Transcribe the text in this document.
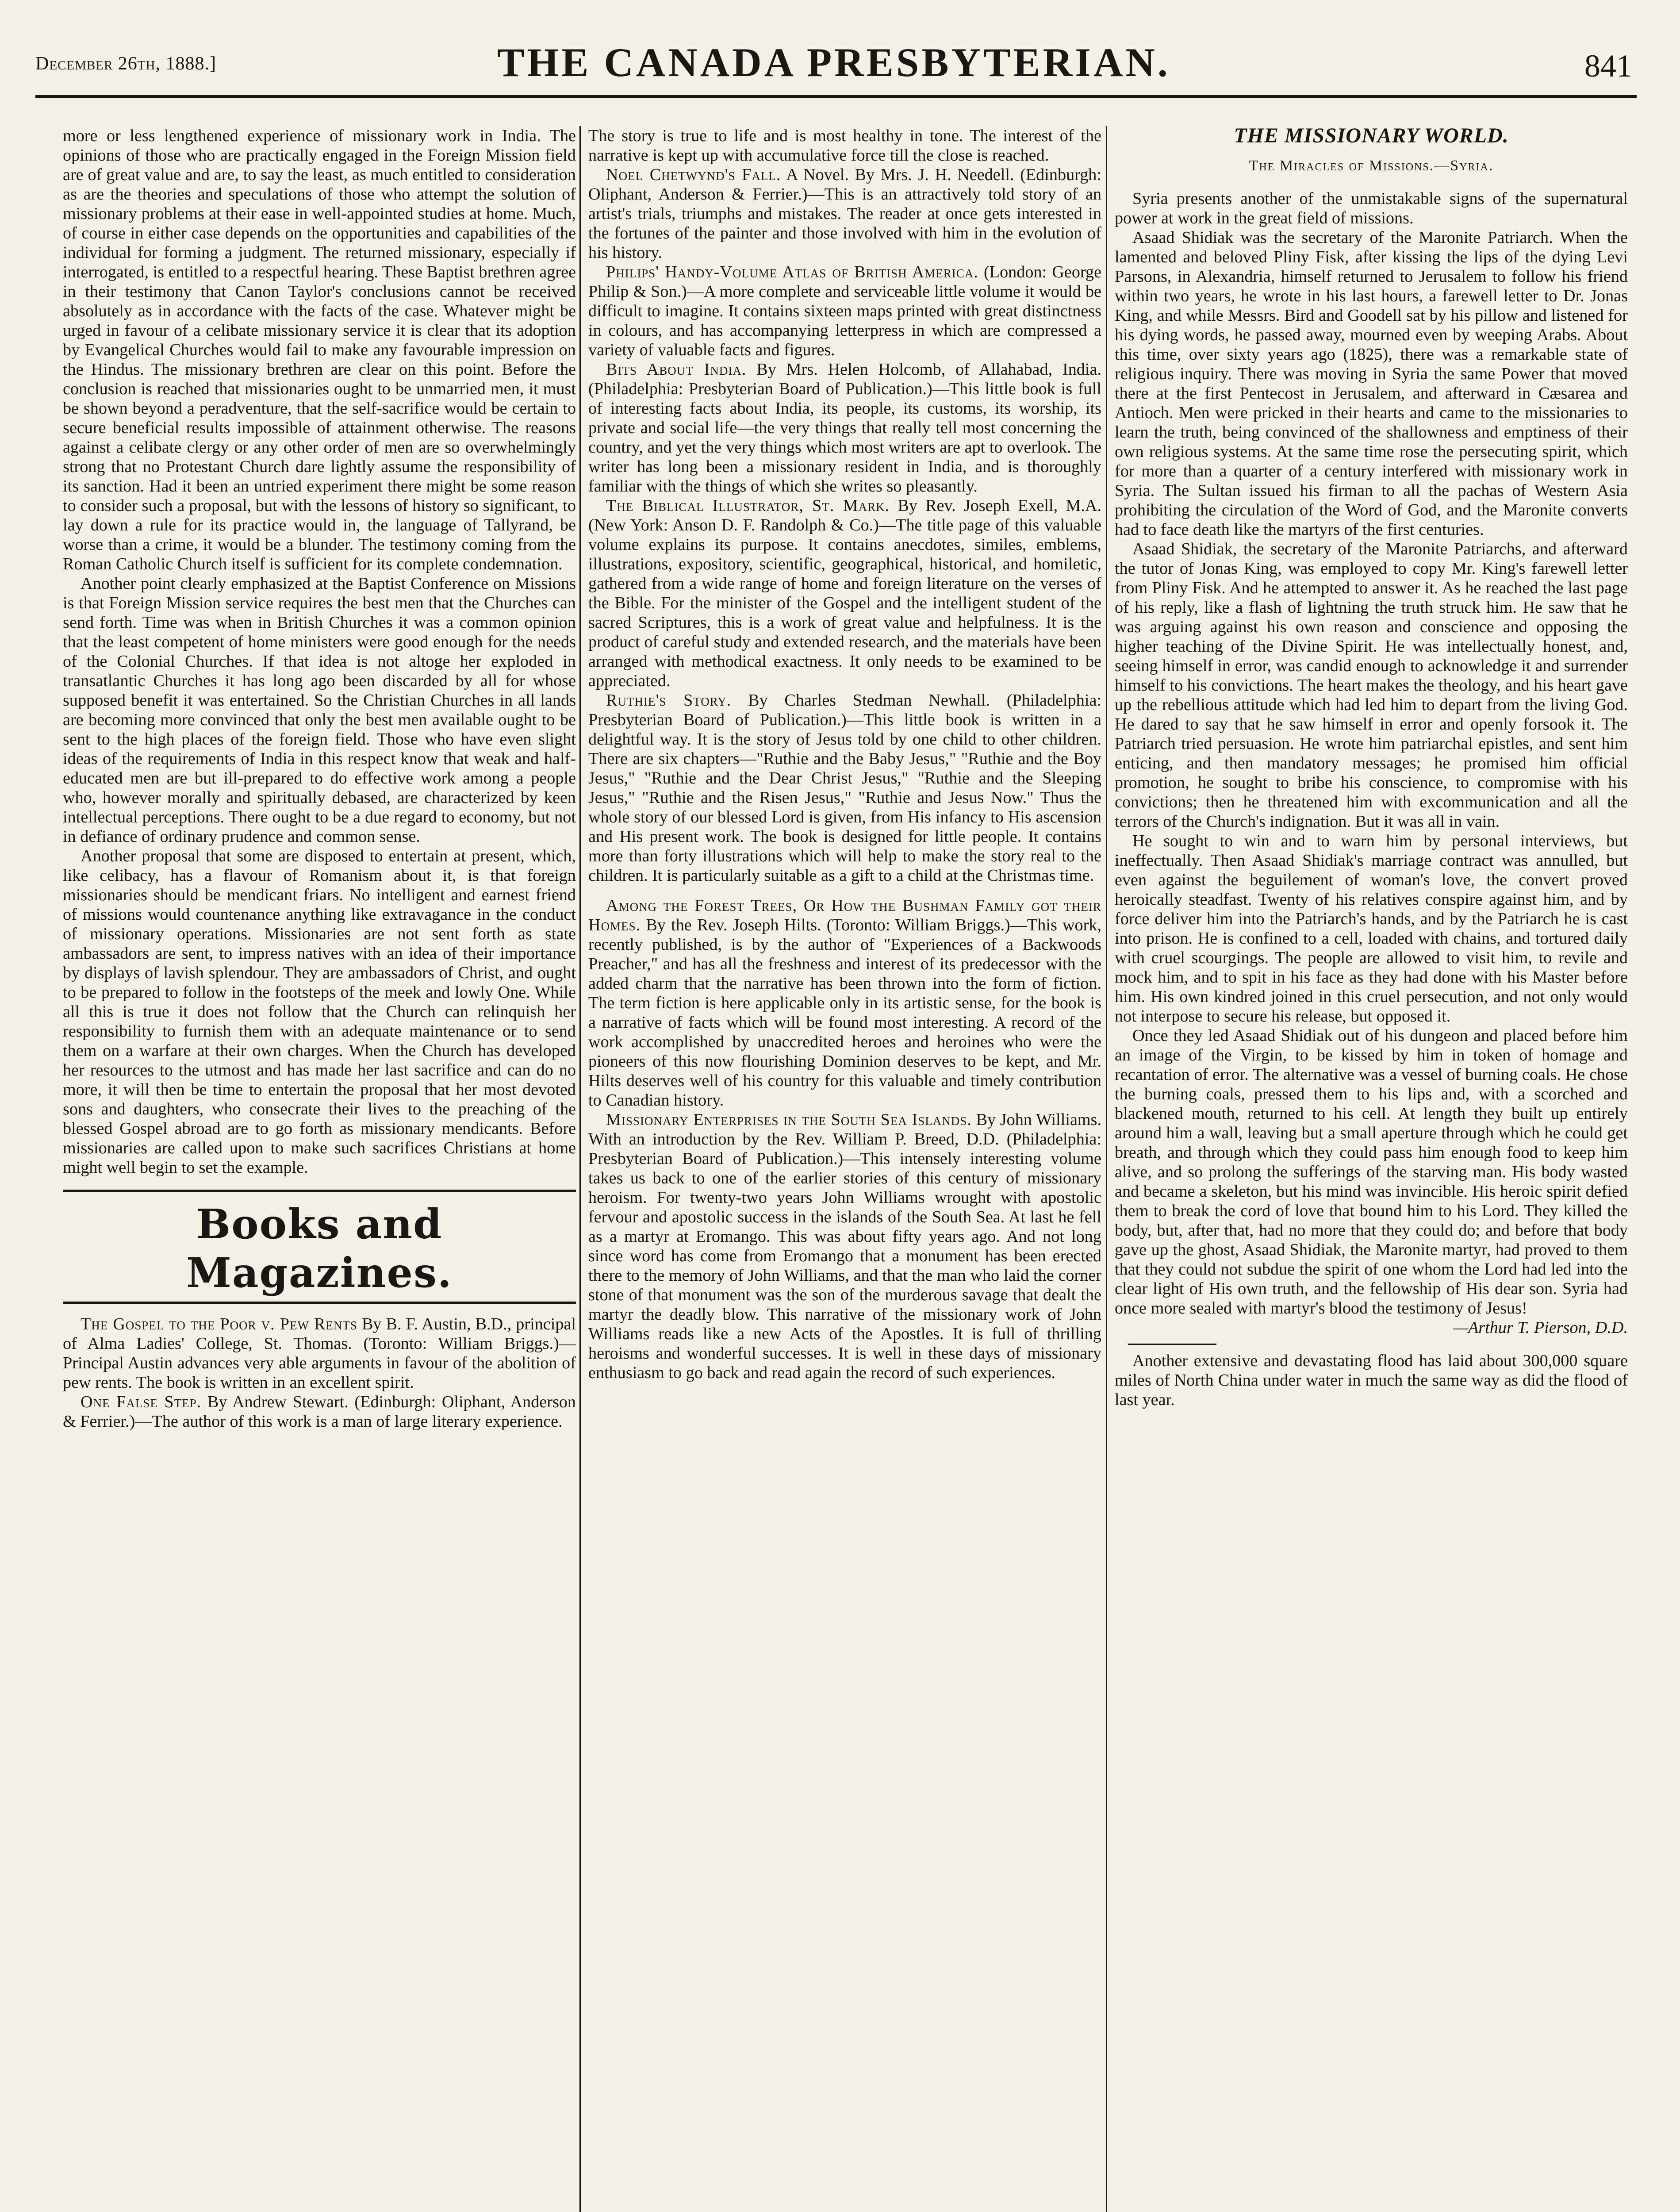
December 26th, 1888.]	THE CANADA PRESBYTERIAN.	841

more or less lengthened experience of missionary work in India. The opinions of those who are practically engaged in the Foreign Mission field are of great value and are, to say the least, as much entitled to consideration as are the theories and speculations of those who attempt the solution of missionary problems at their ease in well-appointed studies at home. Much, of course in either case depends on the opportunities and capabilities of the individual for forming a judgment. The returned missionary, especially if interrogated, is entitled to a respectful hearing. These Baptist brethren agree in their testimony that Canon Taylor's conclusions cannot be received absolutely as in accordance with the facts of the case. Whatever might be urged in favour of a celibate missionary service it is clear that its adoption by Evangelical Churches would fail to make any favourable impression on the Hindus. The missionary brethren are clear on this point. Before the conclusion is reached that missionaries ought to be unmarried men, it must be shown beyond a peradventure, that the self-sacrifice would be certain to secure beneficial results impossible of attainment otherwise. The reasons against a celibate clergy or any other order of men are so overwhelmingly strong that no Protestant Church dare lightly assume the responsibility of its sanction. Had it been an untried experiment there might be some reason to consider such a proposal, but with the lessons of history so significant, to lay down a rule for its practice would in, the language of Tallyrand, be worse than a crime, it would be a blunder. The testimony coming from the Roman Catholic Church itself is sufficient for its complete condemnation.

Another point clearly emphasized at the Baptist Conference on Missions is that Foreign Mission service requires the best men that the Churches can send forth. Time was when in British Churches it was a common opinion that the least competent of home ministers were good enough for the needs of the Colonial Churches. If that idea is not altoge her exploded in transatlantic Churches it has long ago been discarded by all for whose supposed benefit it was entertained. So the Christian Churches in all lands are becoming more convinced that only the best men available ought to be sent to the high places of the foreign field. Those who have even slight ideas of the requirements of India in this respect know that weak and half-educated men are but ill-prepared to do effective work among a people who, however morally and spiritually debased, are characterized by keen intellectual perceptions. There ought to be a due regard to economy, but not in defiance of ordinary prudence and common sense.

Another proposal that some are disposed to entertain at present, which, like celibacy, has a flavour of Romanism about it, is that foreign missionaries should be mendicant friars. No intelligent and earnest friend of missions would countenance anything like extravagance in the conduct of missionary operations. Missionaries are not sent forth as state ambassadors are sent, to impress natives with an idea of their importance by displays of lavish splendour. They are ambassadors of Christ, and ought to be prepared to follow in the footsteps of the meek and lowly One. While all this is true it does not follow that the Church can relinquish her responsibility to furnish them with an adequate maintenance or to send them on a warfare at their own charges. When the Church has developed her resources to the utmost and has made her last sacrifice and can do no more, it will then be time to entertain the proposal that her most devoted sons and daughters, who consecrate their lives to the preaching of the blessed Gospel abroad are to go forth as missionary mendicants. Before missionaries are called upon to make such sacrifices Christians at home might well begin to set the example.

Books and Magazines.

The Gospel to the Poor v. Pew Rents By B. F. Austin, B.D., principal of Alma Ladies' College, St. Thomas. (Toronto: William Briggs.)—Principal Austin advances very able arguments in favour of the abolition of pew rents. The book is written in an excellent spirit.

One False Step. By Andrew Stewart. (Edinburgh: Oliphant, Anderson & Ferrier.)—The author of this work is a man of large literary experience.

The story is true to life and is most healthy in tone. The interest of the narrative is kept up with accumulative force till the close is reached.

Noel Chetwynd's Fall. A Novel. By Mrs. J. H. Needell. (Edinburgh: Oliphant, Anderson & Ferrier.)—This is an attractively told story of an artist's trials, triumphs and mistakes. The reader at once gets interested in the fortunes of the painter and those involved with him in the evolution of his history.

Philips' Handy-Volume Atlas of British America. (London: George Philip & Son.)—A more complete and serviceable little volume it would be difficult to imagine. It contains sixteen maps printed with great distinctness in colours, and has accompanying letterpress in which are compressed a variety of valuable facts and figures.

Bits About India. By Mrs. Helen Holcomb, of Allahabad, India. (Philadelphia: Presbyterian Board of Publication.)—This little book is full of interesting facts about India, its people, its customs, its worship, its private and social life—the very things that really tell most concerning the country, and yet the very things which most writers are apt to overlook. The writer has long been a missionary resident in India, and is thoroughly familiar with the things of which she writes so pleasantly.

The Biblical Illustrator, St. Mark. By Rev. Joseph Exell, M.A. (New York: Anson D. F. Randolph & Co.)—The title page of this valuable volume explains its purpose. It contains anecdotes, similes, emblems, illustrations, expository, scientific, geographical, historical, and homiletic, gathered from a wide range of home and foreign literature on the verses of the Bible. For the minister of the Gospel and the intelligent student of the sacred Scriptures, this is a work of great value and helpfulness. It is the product of careful study and extended research, and the materials have been arranged with methodical exactness. It only needs to be examined to be appreciated.

Ruthie's Story. By Charles Stedman Newhall. (Philadelphia: Presbyterian Board of Publication.)—This little book is written in a delightful way. It is the story of Jesus told by one child to other children. There are six chapters—"Ruthie and the Baby Jesus," "Ruthie and the Boy Jesus," "Ruthie and the Dear Christ Jesus," "Ruthie and the Sleeping Jesus," "Ruthie and the Risen Jesus," "Ruthie and Jesus Now." Thus the whole story of our blessed Lord is given, from His infancy to His ascension and His present work. The book is designed for little people. It contains more than forty illustrations which will help to make the story real to the children. It is particularly suitable as a gift to a child at the Christmas time.

Among the Forest Trees, Or How the Bushman Family got their Homes. By the Rev. Joseph Hilts. (Toronto: William Briggs.)—This work, recently published, is by the author of "Experiences of a Backwoods Preacher," and has all the freshness and interest of its predecessor with the added charm that the narrative has been thrown into the form of fiction. The term fiction is here applicable only in its artistic sense, for the book is a narrative of facts which will be found most interesting. A record of the work accomplished by unaccredited heroes and heroines who were the pioneers of this now flourishing Dominion deserves to be kept, and Mr. Hilts deserves well of his country for this valuable and timely contribution to Canadian history.

Missionary Enterprises in the South Sea Islands. By John Williams. With an introduction by the Rev. William P. Breed, D.D. (Philadelphia: Presbyterian Board of Publication.)—This intensely interesting volume takes us back to one of the earlier stories of this century of missionary heroism. For twenty-two years John Williams wrought with apostolic fervour and apostolic success in the islands of the South Sea. At last he fell as a martyr at Eromango. This was about fifty years ago. And not long since word has come from Eromango that a monument has been erected there to the memory of John Williams, and that the man who laid the corner stone of that monument was the son of the murderous savage that dealt the martyr the deadly blow. This narrative of the missionary work of John Williams reads like a new Acts of the Apostles. It is full of thrilling heroisms and wonderful successes. It is well in these days of missionary enthusiasm to go back and read again the record of such experiences.

THE MISSIONARY WORLD.
The Miracles of Missions.—Syria.

Syria presents another of the unmistakable signs of the supernatural power at work in the great field of missions.

Asaad Shidiak was the secretary of the Maronite Patriarch. When the lamented and beloved Pliny Fisk, after kissing the lips of the dying Levi Parsons, in Alexandria, himself returned to Jerusalem to follow his friend within two years, he wrote in his last hours, a farewell letter to Dr. Jonas King, and while Messrs. Bird and Goodell sat by his pillow and listened for his dying words, he passed away, mourned even by weeping Arabs. About this time, over sixty years ago (1825), there was a remarkable state of religious inquiry. There was moving in Syria the same Power that moved there at the first Pentecost in Jerusalem, and afterward in Cæsarea and Antioch. Men were pricked in their hearts and came to the missionaries to learn the truth, being convinced of the shallowness and emptiness of their own religious systems. At the same time rose the persecuting spirit, which for more than a quarter of a century interfered with missionary work in Syria. The Sultan issued his firman to all the pachas of Western Asia prohibiting the circulation of the Word of God, and the Maronite converts had to face death like the martyrs of the first centuries.

Asaad Shidiak, the secretary of the Maronite Patriarchs, and afterward the tutor of Jonas King, was employed to copy Mr. King's farewell letter from Pliny Fisk. And he attempted to answer it. As he reached the last page of his reply, like a flash of lightning the truth struck him. He saw that he was arguing against his own reason and conscience and opposing the higher teaching of the Divine Spirit. He was intellectually honest, and, seeing himself in error, was candid enough to acknowledge it and surrender himself to his convictions. The heart makes the theology, and his heart gave up the rebellious attitude which had led him to depart from the living God. He dared to say that he saw himself in error and openly forsook it. The Patriarch tried persuasion. He wrote him patriarchal epistles, and sent him enticing, and then mandatory messages; he promised him official promotion, he sought to bribe his conscience, to compromise with his convictions; then he threatened him with excommunication and all the terrors of the Church's indignation. But it was all in vain.

He sought to win and to warn him by personal interviews, but ineffectually. Then Asaad Shidiak's marriage contract was annulled, but even against the beguilement of woman's love, the convert proved heroically steadfast. Twenty of his relatives conspire against him, and by force deliver him into the Patriarch's hands, and by the Patriarch he is cast into prison. He is confined to a cell, loaded with chains, and tortured daily with cruel scourgings. The people are allowed to visit him, to revile and mock him, and to spit in his face as they had done with his Master before him. His own kindred joined in this cruel persecution, and not only would not interpose to secure his release, but opposed it.

Once they led Asaad Shidiak out of his dungeon and placed before him an image of the Virgin, to be kissed by him in token of homage and recantation of error. The alternative was a vessel of burning coals. He chose the burning coals, pressed them to his lips and, with a scorched and blackened mouth, returned to his cell. At length they built up entirely around him a wall, leaving but a small aperture through which he could get breath, and through which they could pass him enough food to keep him alive, and so prolong the sufferings of the starving man. His body wasted and became a skeleton, but his mind was invincible. His heroic spirit defied them to break the cord of love that bound him to his Lord. They killed the body, but, after that, had no more that they could do; and before that body gave up the ghost, Asaad Shidiak, the Maronite martyr, had proved to them that they could not subdue the spirit of one whom the Lord had led into the clear light of His own truth, and the fellowship of His dear son. Syria had once more sealed with martyr's blood the testimony of Jesus!

—Arthur T. Pierson, D.D.

Another extensive and devastating flood has laid about 300,000 square miles of North China under water in much the same way as did the flood of last year.
